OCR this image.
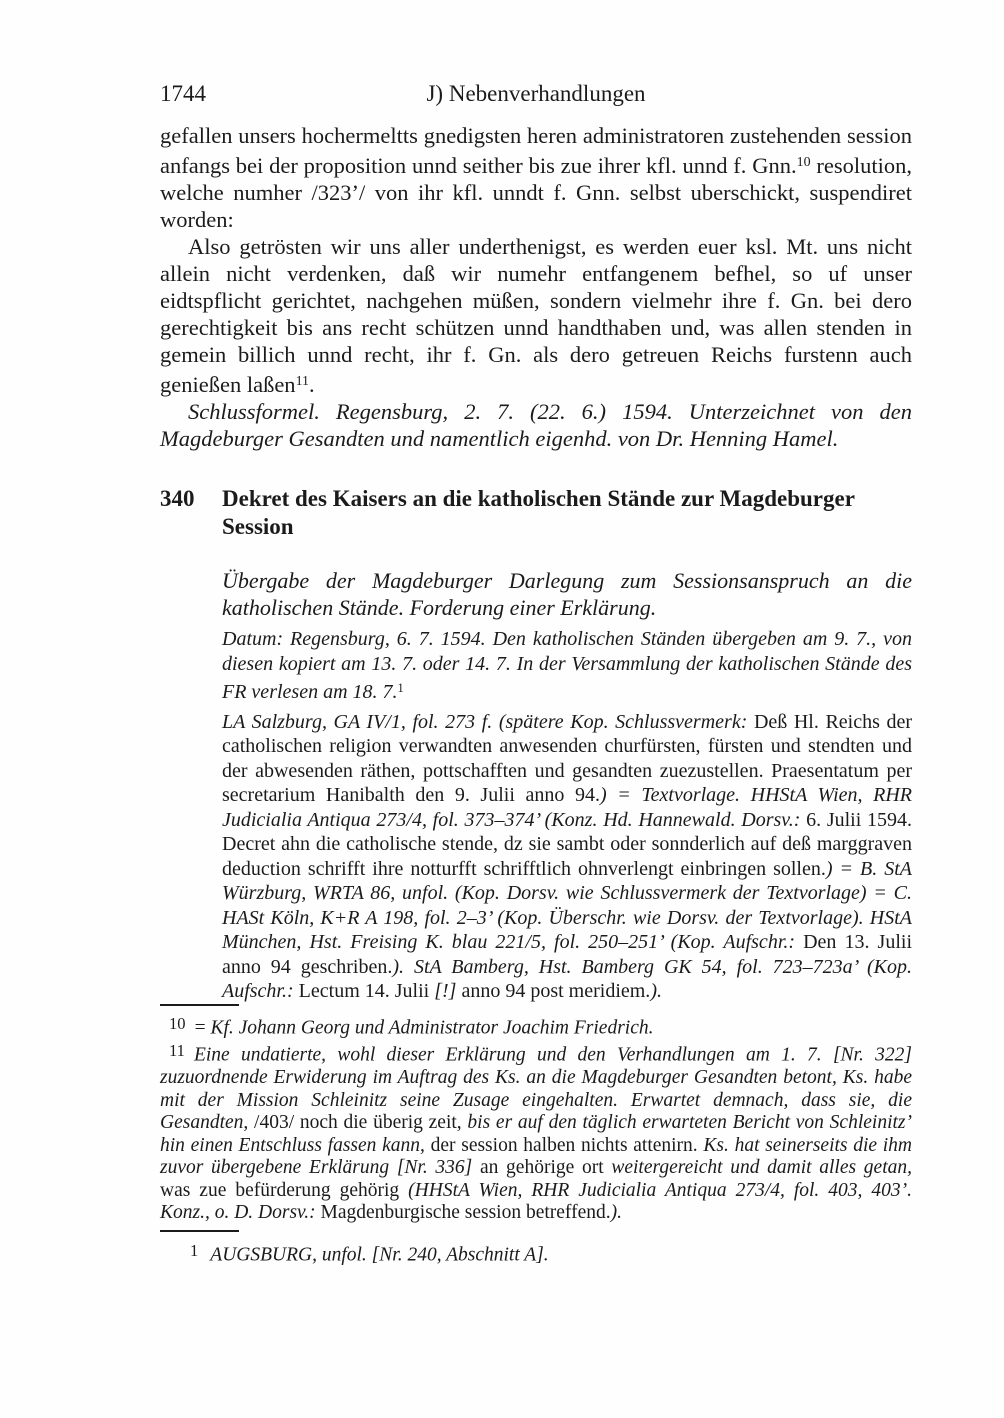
1744	J) Nebenverhandlungen

gefallen unsers hochermeltts gnedigsten heren administratoren zustehenden session anfangs bei der proposition unnd seither bis zue ihrer kfl. unnd f. Gnn.$^{10}$ resolution, welche numher /323’/ von ihr kfl. unndt f. Gnn. selbst uberschickt, suspendiret worden:

Also getrösten wir uns aller underthenigst, es werden euer ksl. Mt. uns nicht allein nicht verdenken, daß wir numehr entfangenem befhel, so uf unser eidtspflicht gerichtet, nachgehen müßen, sondern vielmehr ihre f. Gn. bei dero gerechtigkeit bis ans recht schützen unnd handthaben und, was allen stenden in gemein billich unnd recht, ihr f. Gn. als dero getreuen Reichs furstenn auch genießen laßen$^{11}$.

Schlussformel. Regensburg, 2. 7. (22. 6.) 1594. Unterzeichnet von den Magdeburger Gesandten und namentlich eigenhd. von Dr. Henning Hamel.

340	Dekret des Kaisers an die katholischen Stände zur Magdeburger Session

Übergabe der Magdeburger Darlegung zum Sessionsanspruch an die katholischen Stände. Forderung einer Erklärung.

Datum: Regensburg, 6. 7. 1594. Den katholischen Ständen übergeben am 9. 7., von diesen kopiert am 13. 7. oder 14. 7. In der Versammlung der katholischen Stände des FR verlesen am 18. 7.$^1$

LA Salzburg, GA IV/1, fol. 273 f. (spätere Kop. Schlussvermerk: Deß Hl. Reichs der catholischen religion verwandten anwesenden churfürsten, fürsten und stendten und der abwesenden räthen, pottschafften und gesandten zuezustellen. Praesentatum per secretarium Hanibalth den 9. Julii anno 94.) = Textvorlage. HHStA Wien, RHR Judicialia Antiqua 273/4, fol. 373–374’ (Konz. Hd. Hannewald. Dorsv.: 6. Julii 1594. Decret ahn die catholische stende, dz sie sambt oder sonnderlich auf deß marggraven deduction schrifft ihre notturfft schrifftlich ohnverlengt einbringen sollen.) = B. StA Würzburg, WRTA 86, unfol. (Kop. Dorsv. wie Schlussvermerk der Textvorlage) = C. HASt Köln, K+R A 198, fol. 2–3’ (Kop. Überschr. wie Dorsv. der Textvorlage). HStA München, Hst. Freising K. blau 221/5, fol. 250–251’ (Kop. Aufschr.: Den 13. Julii anno 94 geschriben.). StA Bamberg, Hst. Bamberg GK 54, fol. 723–723a’ (Kop. Aufschr.: Lectum 14. Julii [!] anno 94 post meridiem.).

$^{10}$ = Kf. Johann Georg und Administrator Joachim Friedrich.

$^{11}$ Eine undatierte, wohl dieser Erklärung und den Verhandlungen am 1. 7. [Nr. 322] zuzuordnende Erwiderung im Auftrag des Ks. an die Magdeburger Gesandten betont, Ks. habe mit der Mission Schleinitz seine Zusage eingehalten. Erwartet demnach, dass sie, die Gesandten, /403/ noch die überig zeit, bis er auf den täglich erwarteten Bericht von Schleinitz’ hin einen Entschluss fassen kann, der session halben nichts attenirn. Ks. hat seinerseits die ihm zuvor übergebene Erklärung [Nr. 336] an gehörige ort weitergereicht und damit alles getan, was zue befürderung gehörig (HHStA Wien, RHR Judicialia Antiqua 273/4, fol. 403, 403’. Konz., o. D. Dorsv.: Magdenburgische session betreffend.).

$^1$ AUGSBURG, unfol. [Nr. 240, Abschnitt A].
